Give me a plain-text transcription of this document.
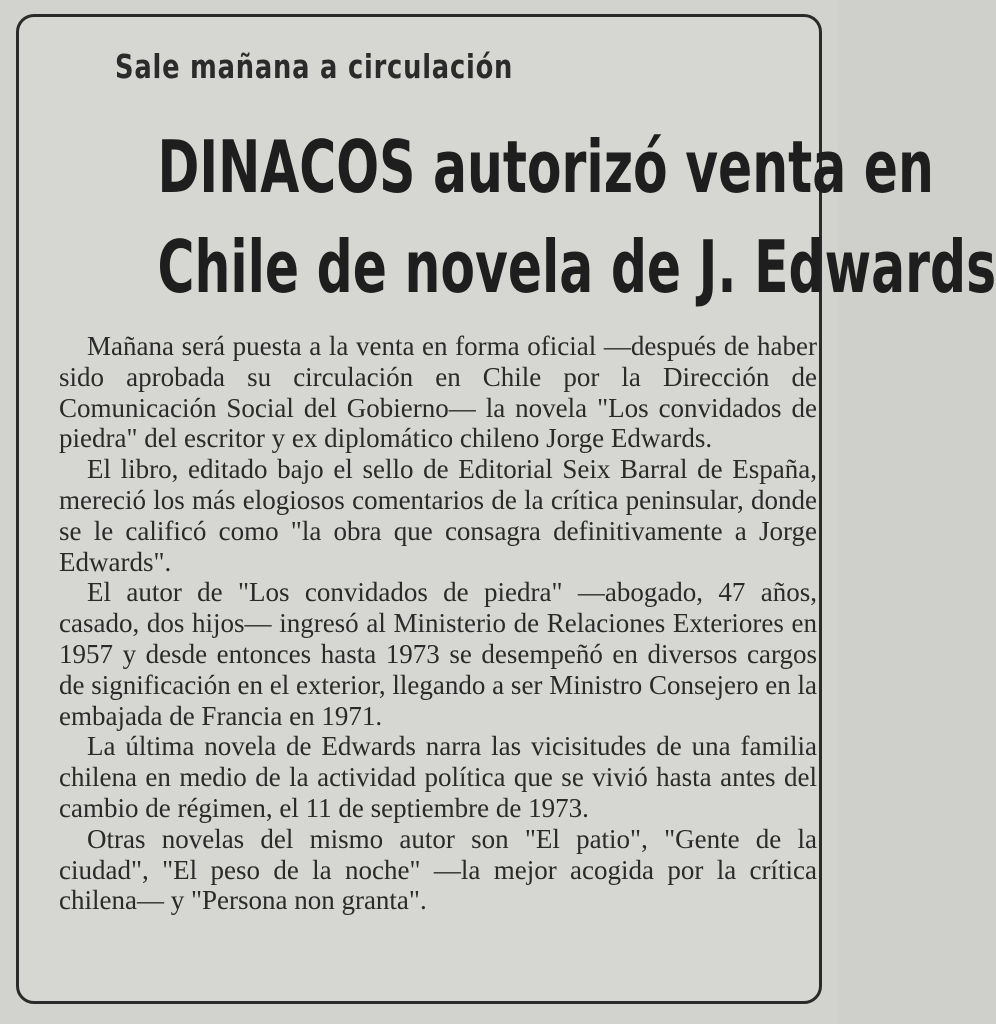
Sale mañana a circulación
DINACOS autorizó venta en
Chile de novela de J. Edwards

Mañana será puesta a la venta en forma oficial —después de haber sido aprobada su circulación en Chile por la Dirección de Comunicación Social del Gobierno— la novela "Los convidados de piedra" del escritor y ex diplomático chileno Jorge Edwards.

El libro, editado bajo el sello de Editorial Seix Barral de España, mereció los más elogiosos comentarios de la crítica peninsular, donde se le calificó como "la obra que consagra definitivamente a Jorge Edwards".

El autor de "Los convidados de piedra" —abogado, 47 años, casado, dos hijos— ingresó al Ministerio de Relaciones Exteriores en 1957 y desde entonces hasta 1973 se desempeñó en diversos cargos de significación en el exterior, llegando a ser Ministro Consejero en la embajada de Francia en 1971.

La última novela de Edwards narra las vicisitudes de una familia chilena en medio de la actividad política que se vivió hasta antes del cambio de régimen, el 11 de septiembre de 1973.

Otras novelas del mismo autor son "El patio", "Gente de la ciudad", "El peso de la noche" —la mejor acogida por la crítica chilena— y "Persona non granta".
